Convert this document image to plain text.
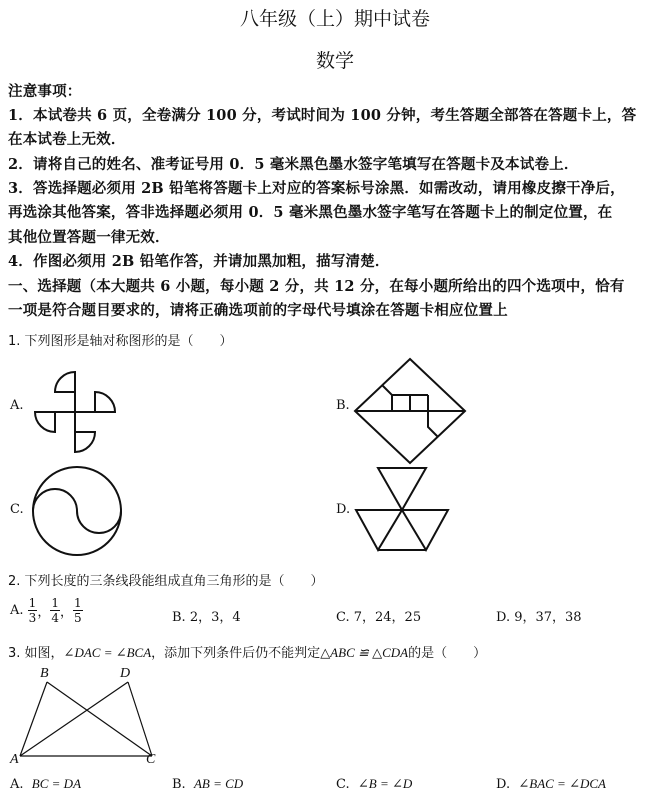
八年级（上）期中试卷
数学
注意事项：
1．本试卷共 6 页，全卷满分 100 分，考试时间为 100 分钟，考生答题全部答在答题卡上，答
在本试卷上无效．
2．请将自己的姓名、准考证号用 0．5 毫米黑色墨水签字笔填写在答题卡及本试卷上．
3．答选择题必须用 2B 铅笔将答题卡上对应的答案标号涂黑．如需改动，请用橡皮擦干净后，
再选涂其他答案，答非选择题必须用 0．5 毫米黑色墨水签字笔写在答题卡上的制定位置，在
其他位置答题一律无效．
4．作图必须用 2B 铅笔作答，并请加黑加粗，描写清楚．
一、选择题（本大题共 6 小题，每小题 2 分，共 12 分，在每小题所给出的四个选项中，恰有
一项是符合题目要求的，请将正确选项前的字母代号填涂在答题卡相应位置上
1. 下列图形是轴对称图形的是（　　）
A.	B.
C.	D.
2. 下列长度的三条线段能组成直角三角形的是（　　）
A. $\frac{1}{3}$ ， $\frac{1}{4}$ ， $\frac{1}{5}$	B. 2，3，4	C. 7，24，25	D. 9，37，38
3. 如图，∠DAC = ∠BCA，添加下列条件后仍不能判定△ABC ≌ △CDA的是（　　）
B	D
A	C
A. BC = DA	B. AB = CD	C. ∠B = ∠D	D. ∠BAC = ∠DCA
